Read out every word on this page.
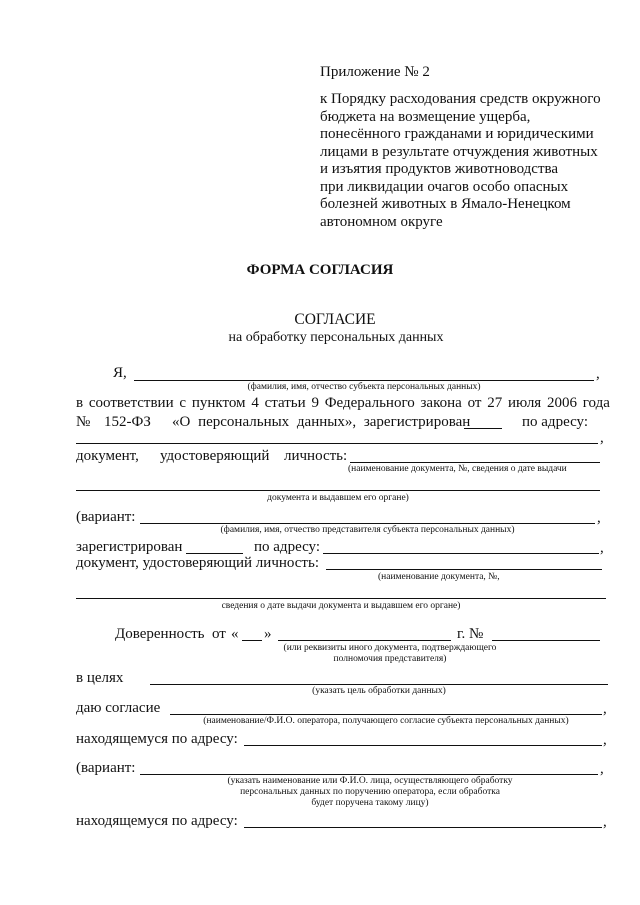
Приложение № 2
к Порядку расходования средств окружного
бюджета на возмещение ущерба,
понесённого гражданами и юридическими
лицами в результате отчуждения животных
и изъятия продуктов животноводства
при ликвидации очагов особо опасных
болезней животных в Ямало-Ненецком
автономном округе
ФОРМА СОГЛАСИЯ
СОГЛАСИЕ
на обработку персональных данных
Я,	,
(фамилия, имя, отчество субъекта персональных данных)
в соответствии с пунктом 4 статьи 9 Федерального закона от 27 июля 2006 года
№ 152-ФЗ «О персональных данных», зарегистрирован	по адресу:
,
документ, удостоверяющий личность:
(наименование документа, №, сведения о дате выдачи
документа и выдавшем его органе)
(вариант:	,
(фамилия, имя, отчество представителя субъекта персональных данных)
зарегистрирован	по адресу:	,
документ, удостоверяющий личность:
(наименование документа, №,
сведения о дате выдачи документа и выдавшем его органе)
Доверенность от « »	г. №
(или реквизиты иного документа, подтверждающего
полномочия представителя)
в целях
(указать цель обработки данных)
даю согласие	,
(наименование/Ф.И.О. оператора, получающего согласие субъекта персональных данных)
находящемуся по адресу:	,
(вариант:	,
(указать наименование или Ф.И.О. лица, осуществляющего обработку
персональных данных по поручению оператора, если обработка
будет поручена такому лицу)
находящемуся по адресу:	,
